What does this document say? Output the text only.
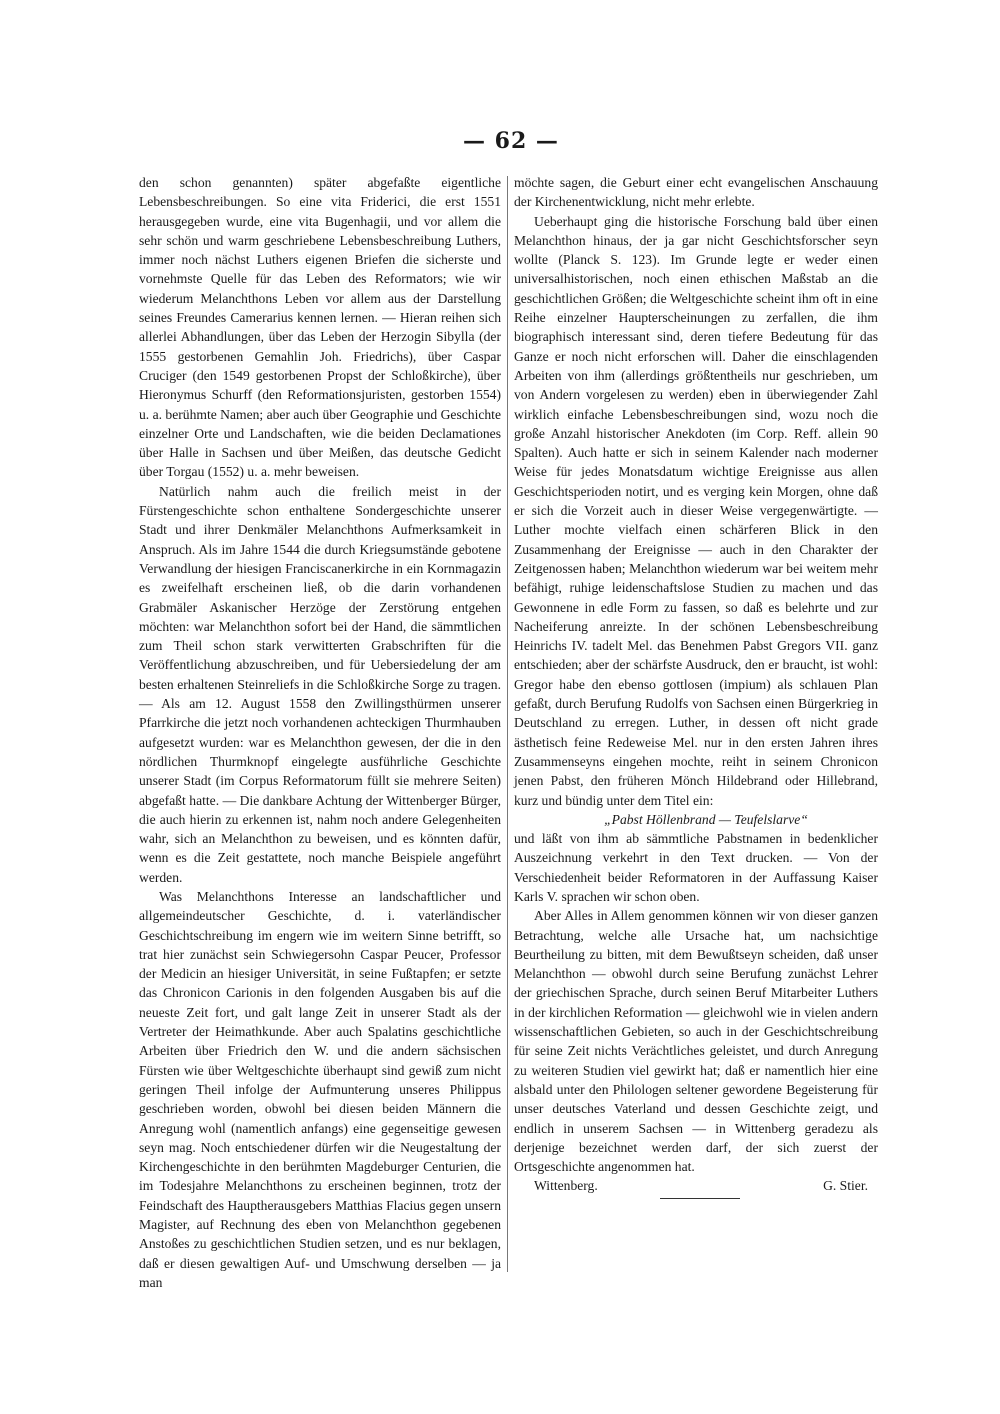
— 62 —

den schon genannten) später abgefaßte eigentliche Lebensbeschreibungen. So eine vita Friderici, die erst 1551 herausgegeben wurde, eine vita Bugenhagii, und vor allem die sehr schön und warm geschriebene Lebensbeschreibung Luthers, immer noch nächst Luthers eigenen Briefen die sicherste und vornehmste Quelle für das Leben des Reformators; wie wir wiederum Melanchthons Leben vor allem aus der Darstellung seines Freundes Camerarius kennen lernen. — Hieran reihen sich allerlei Abhandlungen, über das Leben der Herzogin Sibylla (der 1555 gestorbenen Gemahlin Joh. Friedrichs), über Caspar Cruciger (den 1549 gestorbenen Propst der Schloßkirche), über Hieronymus Schurff (den Reformationsjuristen, gestorben 1554) u. a. berühmte Namen; aber auch über Geographie und Geschichte einzelner Orte und Landschaften, wie die beiden Declamationes über Halle in Sachsen und über Meißen, das deutsche Gedicht über Torgau (1552) u. a. mehr beweisen.

Natürlich nahm auch die freilich meist in der Fürstengeschichte schon enthaltene Sondergeschichte unserer Stadt und ihrer Denkmäler Melanchthons Aufmerksamkeit in Anspruch. Als im Jahre 1544 die durch Kriegsumstände gebotene Verwandlung der hiesigen Franciscanerkirche in ein Kornmagazin es zweifelhaft erscheinen ließ, ob die darin vorhandenen Grabmäler Askanischer Herzöge der Zerstörung entgehen möchten: war Melanchthon sofort bei der Hand, die sämmtlichen zum Theil schon stark verwitterten Grabschriften für die Veröffentlichung abzuschreiben, und für Uebersiedelung der am besten erhaltenen Steinreliefs in die Schloßkirche Sorge zu tragen. — Als am 12. August 1558 den Zwillingsthürmen unserer Pfarrkirche die jetzt noch vorhandenen achteckigen Thurmhauben aufgesetzt wurden: war es Melanchthon gewesen, der die in den nördlichen Thurmknopf eingelegte ausführliche Geschichte unserer Stadt (im Corpus Reformatorum füllt sie mehrere Seiten) abgefaßt hatte. — Die dankbare Achtung der Wittenberger Bürger, die auch hierin zu erkennen ist, nahm noch andere Gelegenheiten wahr, sich an Melanchthon zu beweisen, und es könnten dafür, wenn es die Zeit gestattete, noch manche Beispiele angeführt werden.

Was Melanchthons Interesse an landschaftlicher und allgemeindeutscher Geschichte, d. i. vaterländischer Geschichtschreibung im engern wie im weitern Sinne betrifft, so trat hier zunächst sein Schwiegersohn Caspar Peucer, Professor der Medicin an hiesiger Universität, in seine Fußtapfen; er setzte das Chronicon Carionis in den folgenden Ausgaben bis auf die neueste Zeit fort, und galt lange Zeit in unserer Stadt als der Vertreter der Heimathkunde. Aber auch Spalatins geschichtliche Arbeiten über Friedrich den W. und die andern sächsischen Fürsten wie über Weltgeschichte überhaupt sind gewiß zum nicht geringen Theil infolge der Aufmunterung unseres Philippus geschrieben worden, obwohl bei diesen beiden Männern die Anregung wohl (namentlich anfangs) eine gegenseitige gewesen seyn mag. Noch entschiedener dürfen wir die Neugestaltung der Kirchengeschichte in den berühmten Magdeburger Centurien, die im Todesjahre Melanchthons zu erscheinen beginnen, trotz der Feindschaft des Hauptherausgebers Matthias Flacius gegen unsern Magister, auf Rechnung des eben von Melanchthon gegebenen Anstoßes zu geschichtlichen Studien setzen, und es nur beklagen, daß er diesen gewaltigen Auf- und Umschwung derselben — ja man

möchte sagen, die Geburt einer echt evangelischen Anschauung der Kirchenentwicklung, nicht mehr erlebte.

Ueberhaupt ging die historische Forschung bald über einen Melanchthon hinaus, der ja gar nicht Geschichtsforscher seyn wollte (Planck S. 123). Im Grunde legte er weder einen universalhistorischen, noch einen ethischen Maßstab an die geschichtlichen Größen; die Weltgeschichte scheint ihm oft in eine Reihe einzelner Haupterscheinungen zu zerfallen, die ihm biographisch interessant sind, deren tiefere Bedeutung für das Ganze er noch nicht erforschen will. Daher die einschlagenden Arbeiten von ihm (allerdings größtentheils nur geschrieben, um von Andern vorgelesen zu werden) eben in überwiegender Zahl wirklich einfache Lebensbeschreibungen sind, wozu noch die große Anzahl historischer Anekdoten (im Corp. Reff. allein 90 Spalten). Auch hatte er sich in seinem Kalender nach moderner Weise für jedes Monatsdatum wichtige Ereignisse aus allen Geschichtsperioden notirt, und es verging kein Morgen, ohne daß er sich die Vorzeit auch in dieser Weise vergegenwärtigte. — Luther mochte vielfach einen schärferen Blick in den Zusammenhang der Ereignisse — auch in den Charakter der Zeitgenossen haben; Melanchthon wiederum war bei weitem mehr befähigt, ruhige leidenschaftslose Studien zu machen und das Gewonnene in edle Form zu fassen, so daß es belehrte und zur Nacheiferung anreizte. In der schönen Lebensbeschreibung Heinrichs IV. tadelt Mel. das Benehmen Pabst Gregors VII. ganz entschieden; aber der schärfste Ausdruck, den er braucht, ist wohl: Gregor habe den ebenso gottlosen (impium) als schlauen Plan gefaßt, durch Berufung Rudolfs von Sachsen einen Bürgerkrieg in Deutschland zu erregen. Luther, in dessen oft nicht grade ästhetisch feine Redeweise Mel. nur in den ersten Jahren ihres Zusammenseyns eingehen mochte, reiht in seinem Chronicon jenen Pabst, den früheren Mönch Hildebrand oder Hillebrand, kurz und bündig unter dem Titel ein:

„Pabst Höllenbrand — Teufelslarve“

und läßt von ihm ab sämmtliche Pabstnamen in bedenklicher Auszeichnung verkehrt in den Text drucken. — Von der Verschiedenheit beider Reformatoren in der Auffassung Kaiser Karls V. sprachen wir schon oben.

Aber Alles in Allem genommen können wir von dieser ganzen Betrachtung, welche alle Ursache hat, um nachsichtige Beurtheilung zu bitten, mit dem Bewußtseyn scheiden, daß unser Melanchthon — obwohl durch seine Berufung zunächst Lehrer der griechischen Sprache, durch seinen Beruf Mitarbeiter Luthers in der kirchlichen Reformation — gleichwohl wie in vielen andern wissenschaftlichen Gebieten, so auch in der Geschichtschreibung für seine Zeit nichts Verächtliches geleistet, und durch Anregung zu weiteren Studien viel gewirkt hat; daß er namentlich hier eine alsbald unter den Philologen seltener gewordene Begeisterung für unser deutsches Vaterland und dessen Geschichte zeigt, und endlich in unserem Sachsen — in Wittenberg geradezu als derjenige bezeichnet werden darf, der sich zuerst der Ortsgeschichte angenommen hat.

Wittenberg.	G. Stier.
